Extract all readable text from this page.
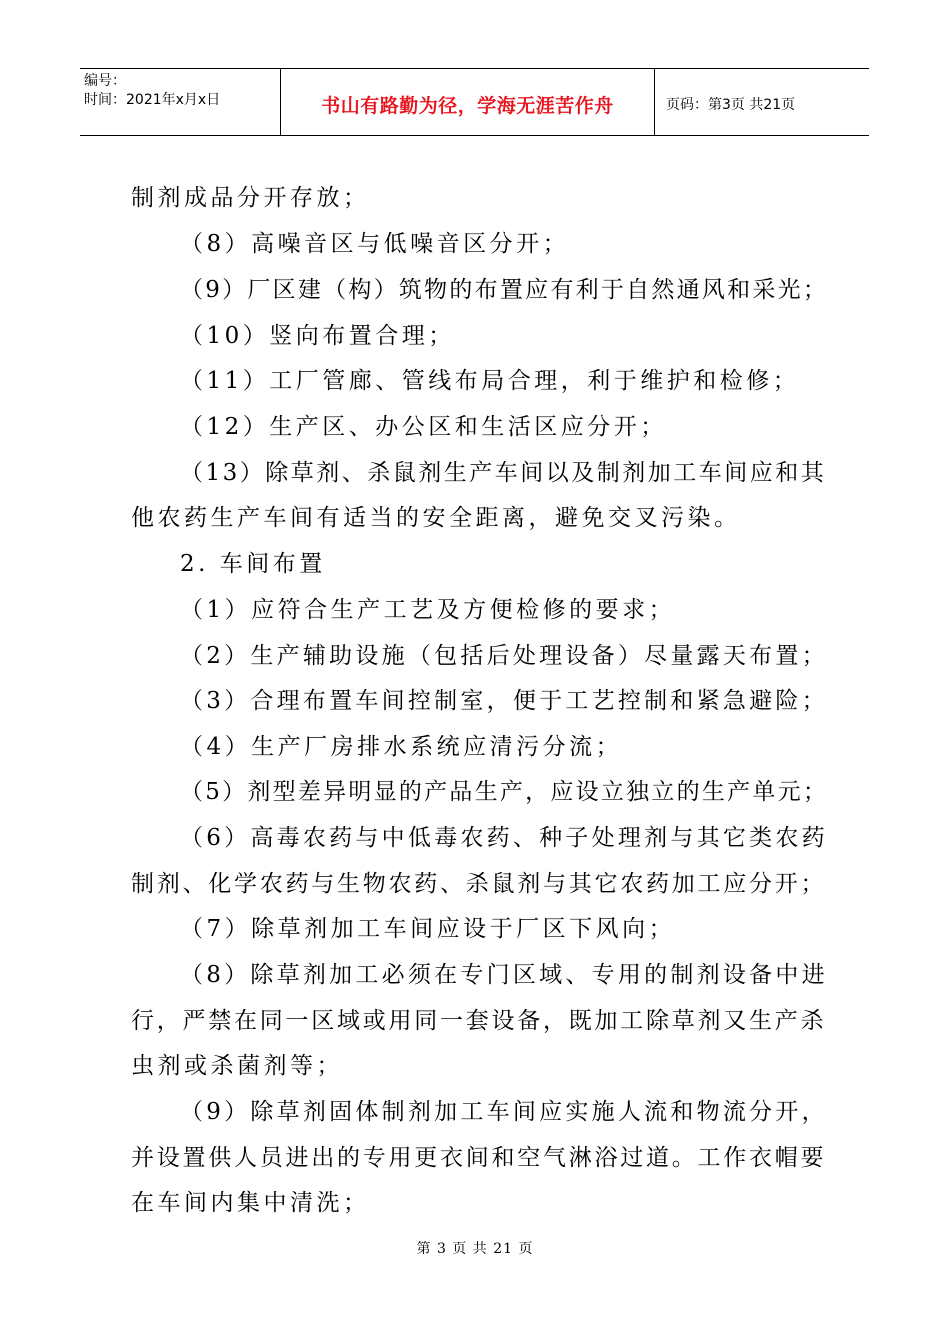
编号：
时间：2021年x月x日	书山有路勤为径，学海无涯苦作舟	页码：第3页 共21页
制剂成品分开存放；
（8）高噪音区与低噪音区分开；
（9）厂区建（构）筑物的布置应有利于自然通风和采光；
（10）竖向布置合理；
（11）工厂管廊、管线布局合理，利于维护和检修；
（12）生产区、办公区和生活区应分开；
（13）除草剂、杀鼠剂生产车间以及制剂加工车间应和其
他农药生产车间有适当的安全距离，避免交叉污染。
2. 车间布置
（1）应符合生产工艺及方便检修的要求；
（2）生产辅助设施（包括后处理设备）尽量露天布置；
（3）合理布置车间控制室，便于工艺控制和紧急避险；
（4）生产厂房排水系统应清污分流；
（5）剂型差异明显的产品生产，应设立独立的生产单元；
（6）高毒农药与中低毒农药、种子处理剂与其它类农药
制剂、化学农药与生物农药、杀鼠剂与其它农药加工应分开；
（7）除草剂加工车间应设于厂区下风向；
（8）除草剂加工必须在专门区域、专用的制剂设备中进
行，严禁在同一区域或用同一套设备，既加工除草剂又生产杀
虫剂或杀菌剂等；
（9）除草剂固体制剂加工车间应实施人流和物流分开，
并设置供人员进出的专用更衣间和空气淋浴过道。工作衣帽要
在车间内集中清洗；
第 3 页 共 21 页
